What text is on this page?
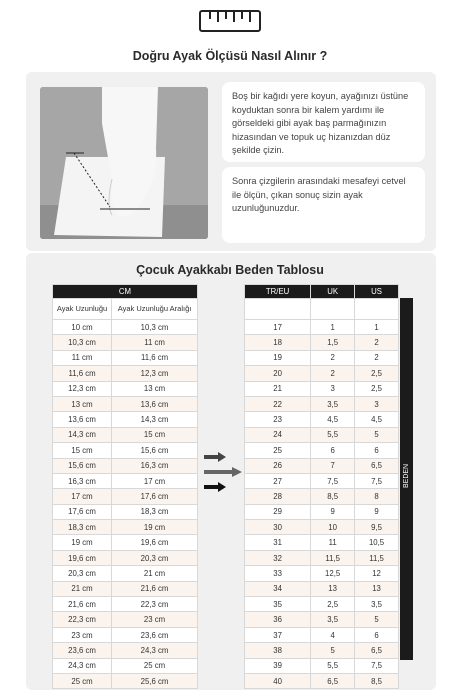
Doğru Ayak Ölçüsü Nasıl Alınır ?
Boş bir kağıdı yere koyun, ayağınızı üstüne koyduktan sonra bir kalem yardımı ile görseldeki gibi ayak baş parmağınızın hizasından ve topuk uç hizanızdan düz şekilde çizin.
Sonra çizgilerin arasındaki mesafeyi cetvel ile ölçün, çıkan sonuç sizin ayak uzunluğunuzdur.
Çocuk Ayakkabı Beden Tablosu
CM	
Ayak Uzunluğu	Ayak Uzunluğu Aralığı
10 cm	10,3 cm
10,3 cm	11 cm
11 cm	11,6 cm
11,6 cm	12,3 cm
12,3 cm	13 cm
13 cm	13,6 cm
13,6 cm	14,3 cm
14,3 cm	15 cm
15 cm	15,6 cm
15,6 cm	16,3 cm
16,3 cm	17 cm
17 cm	17,6 cm
17,6 cm	18,3 cm
18,3 cm	19 cm
19 cm	19,6 cm
19,6 cm	20,3 cm
20,3 cm	21 cm
21 cm	21,6 cm
21,6 cm	22,3 cm
22,3 cm	23 cm
23 cm	23,6 cm
23,6 cm	24,3 cm
24,3 cm	25 cm
25 cm	25,6 cm
TR/EU	UK	US

17	1	1
18	1,5	2
19	2	2
20	2	2,5
21	3	2,5
22	3,5	3
23	4,5	4,5
24	5,5	5
25	6	6
26	7	6,5
27	7,5	7,5
28	8,5	8
29	9	9
30	10	9,5
31	11	10,5
32	11,5	11,5
33	12,5	12
34	13	13
35	2,5	3,5
36	3,5	5
37	4	6
38	5	6,5
39	5,5	7,5
40	6,5	8,5
BEDEN
